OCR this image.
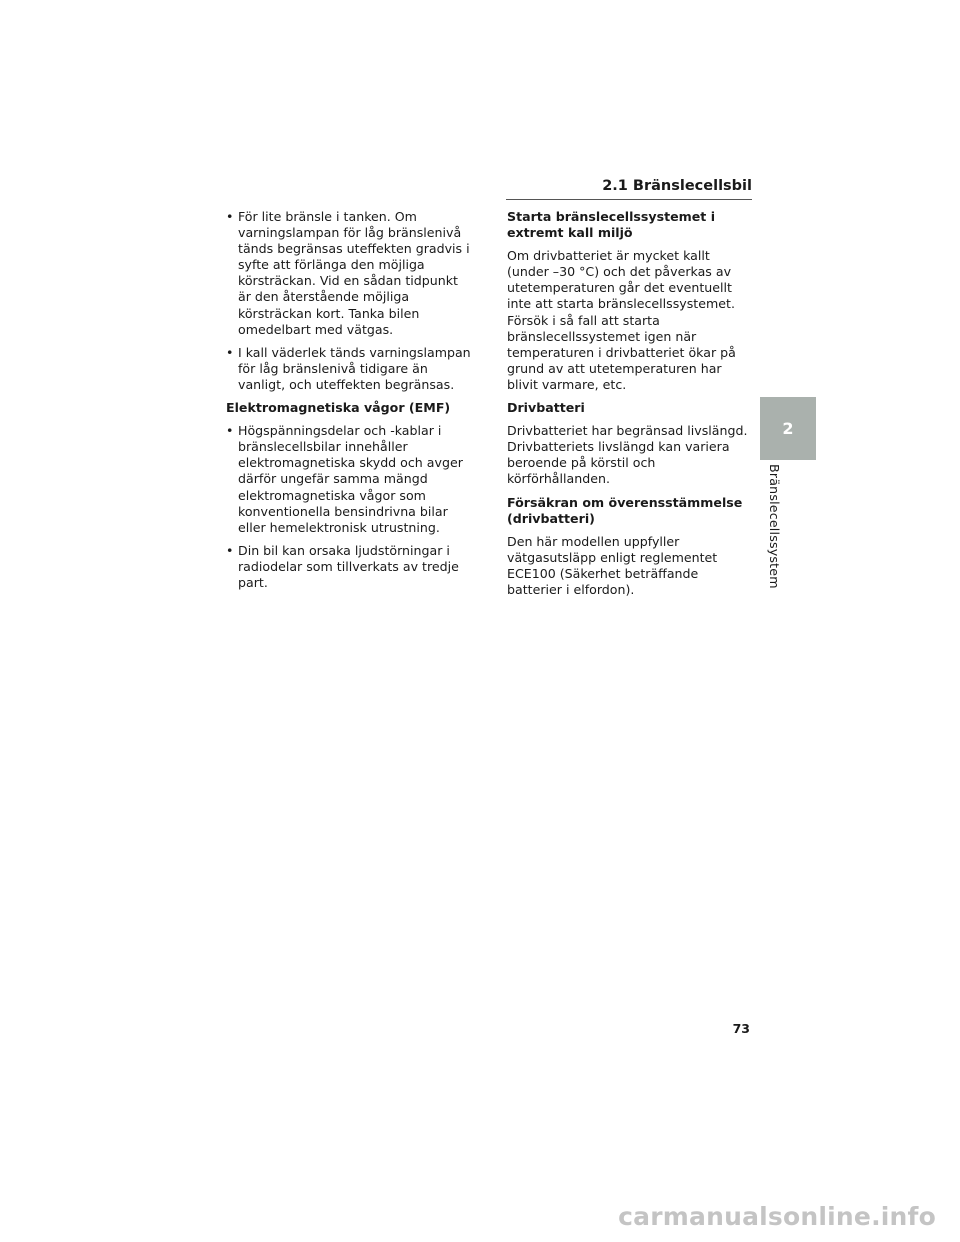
2.1 Bränslecellsbil
• För lite bränsle i tanken. Om varningslampan för låg bränslenivå tänds begränsas uteffekten gradvis i syfte att förlänga den möjliga körsträckan. Vid en sådan tidpunkt är den återstående möjliga körsträckan kort. Tanka bilen omedelbart med vätgas.
• I kall väderlek tänds varningslampan för låg bränslenivå tidigare än vanligt, och uteffekten begränsas.
Elektromagnetiska vågor (EMF)
• Högspänningsdelar och -kablar i bränslecellsbilar innehåller elektromagnetiska skydd och avger därför ungefär samma mängd elektromagnetiska vågor som konventionella bensindrivna bilar eller hemelektronisk utrustning.
• Din bil kan orsaka ljudstörningar i radiodelar som tillverkats av tredje part.
Starta bränslecellssystemet i extremt kall miljö
Om drivbatteriet är mycket kallt (under –30 °C) och det påverkas av utetemperaturen går det eventuellt inte att starta bränslecellssystemet. Försök i så fall att starta bränslecellssystemet igen när temperaturen i drivbatteriet ökar på grund av att utetemperaturen har blivit varmare, etc.
Drivbatteri
Drivbatteriet har begränsad livslängd. Drivbatteriets livslängd kan variera beroende på körstil och körförhållanden.
Försäkran om överensstämmelse (drivbatteri)
Den här modellen uppfyller vätgasutsläpp enligt reglementet ECE100 (Säkerhet beträffande batterier i elfordon).
2
Bränslecellssystem
73
carmanualsonline.info
